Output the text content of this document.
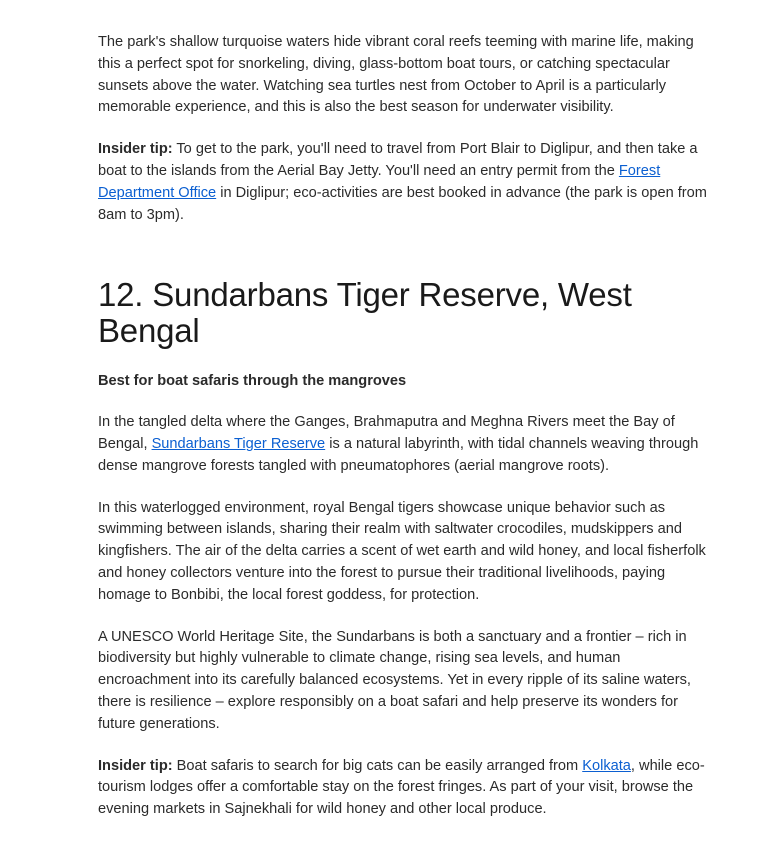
The park's shallow turquoise waters hide vibrant coral reefs teeming with marine life, making this a perfect spot for snorkeling, diving, glass-bottom boat tours, or catching spectacular sunsets above the water. Watching sea turtles nest from October to April is a particularly memorable experience, and this is also the best season for underwater visibility.

Insider tip: To get to the park, you'll need to travel from Port Blair to Diglipur, and then take a boat to the islands from the Aerial Bay Jetty. You'll need an entry permit from the Forest Department Office in Diglipur; eco-activities are best booked in advance (the park is open from 8am to 3pm).

12. Sundarbans Tiger Reserve, West Bengal

Best for boat safaris through the mangroves

In the tangled delta where the Ganges, Brahmaputra and Meghna Rivers meet the Bay of Bengal, Sundarbans Tiger Reserve is a natural labyrinth, with tidal channels weaving through dense mangrove forests tangled with pneumatophores (aerial mangrove roots).

In this waterlogged environment, royal Bengal tigers showcase unique behavior such as swimming between islands, sharing their realm with saltwater crocodiles, mudskippers and kingfishers. The air of the delta carries a scent of wet earth and wild honey, and local fisherfolk and honey collectors venture into the forest to pursue their traditional livelihoods, paying homage to Bonbibi, the local forest goddess, for protection.

A UNESCO World Heritage Site, the Sundarbans is both a sanctuary and a frontier – rich in biodiversity but highly vulnerable to climate change, rising sea levels, and human encroachment into its carefully balanced ecosystems. Yet in every ripple of its saline waters, there is resilience – explore responsibly on a boat safari and help preserve its wonders for future generations.

Insider tip: Boat safaris to search for big cats can be easily arranged from Kolkata, while eco-tourism lodges offer a comfortable stay on the forest fringes. As part of your visit, browse the evening markets in Sajnekhali for wild honey and other local produce.
